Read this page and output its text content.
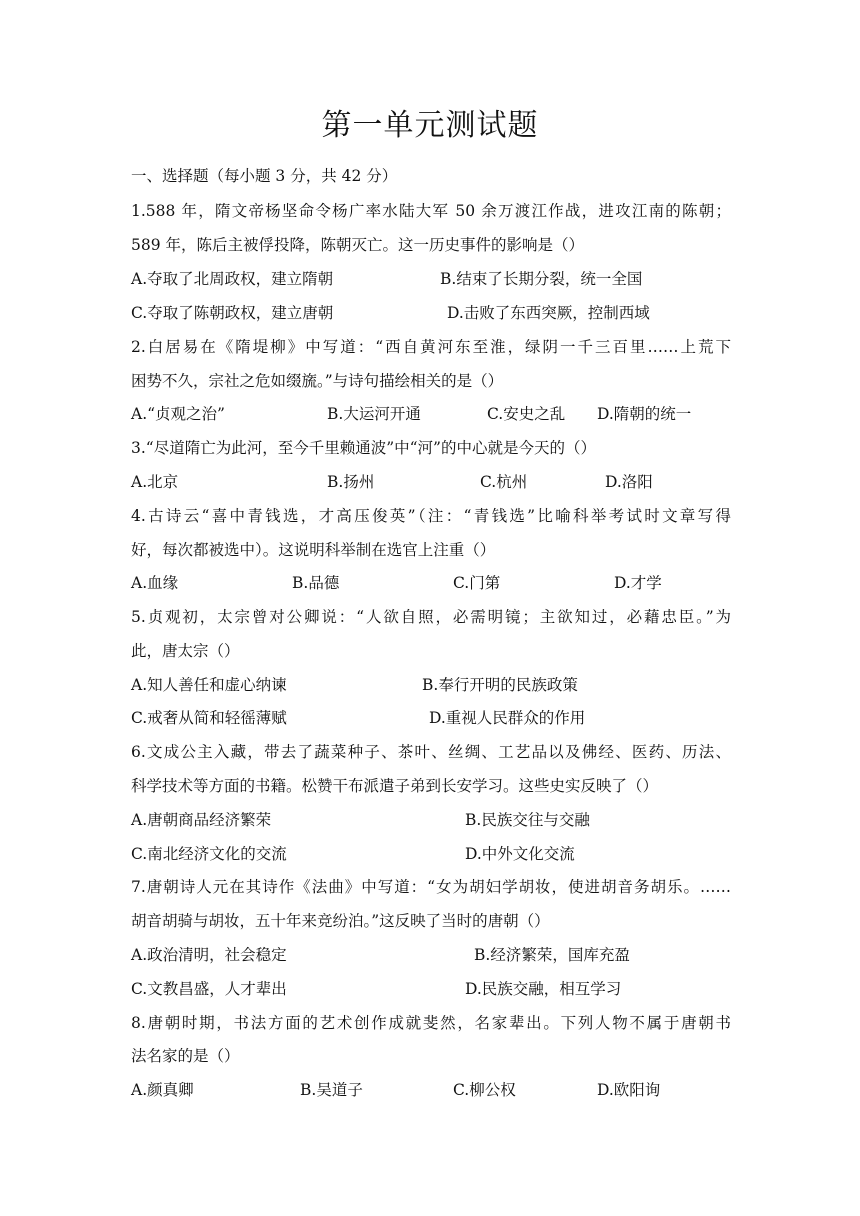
第一单元测试题
一、选择题（每小题 3 分，共 42 分）
1.588 年，隋文帝杨坚命令杨广率水陆大军 50 余万渡江作战，进攻江南的陈朝；
589 年，陈后主被俘投降，陈朝灭亡。这一历史事件的影响是（）
A.夺取了北周政权，建立隋朝	B.结束了长期分裂，统一全国
C.夺取了陈朝政权，建立唐朝	D.击败了东西突厥，控制西域
2.白居易在《隋堤柳》中写道：“西自黄河东至淮，绿阴一千三百里……上荒下
困势不久，宗社之危如缀旒。”与诗句描绘相关的是（）
A.“贞观之治”	B.大运河开通	C.安史之乱 D.隋朝的统一
3.“尽道隋亡为此河，至今千里赖通波”中“河”的中心就是今天的（）
A.北京	B.扬州	C.杭州	D.洛阳
4.古诗云“喜中青钱选，才高压俊英”（注：“青钱选”比喻科举考试时文章写得
好，每次都被选中）。这说明科举制在选官上注重（）
A.血缘	B.品德	C.门第	D.才学
5.贞观初，太宗曾对公卿说：“人欲自照，必需明镜；主欲知过，必藉忠臣。”为
此，唐太宗（）
A.知人善任和虚心纳谏	B.奉行开明的民族政策
C.戒奢从简和轻徭薄赋	D.重视人民群众的作用
6.文成公主入藏，带去了蔬菜种子、茶叶、丝绸、工艺品以及佛经、医药、历法、
科学技术等方面的书籍。松赞干布派遣子弟到长安学习。这些史实反映了（）
A.唐朝商品经济繁荣	B.民族交往与交融
C.南北经济文化的交流	D.中外文化交流
7.唐朝诗人元在其诗作《法曲》中写道：“女为胡妇学胡妆，使进胡音务胡乐。……
胡音胡骑与胡妆，五十年来竞纷泊。”这反映了当时的唐朝（）
A.政治清明，社会稳定	B.经济繁荣，国库充盈
C.文教昌盛，人才辈出	D.民族交融，相互学习
8.唐朝时期，书法方面的艺术创作成就斐然，名家辈出。下列人物不属于唐朝书
法名家的是（）
A.颜真卿	B.吴道子	C.柳公权	D.欧阳询
